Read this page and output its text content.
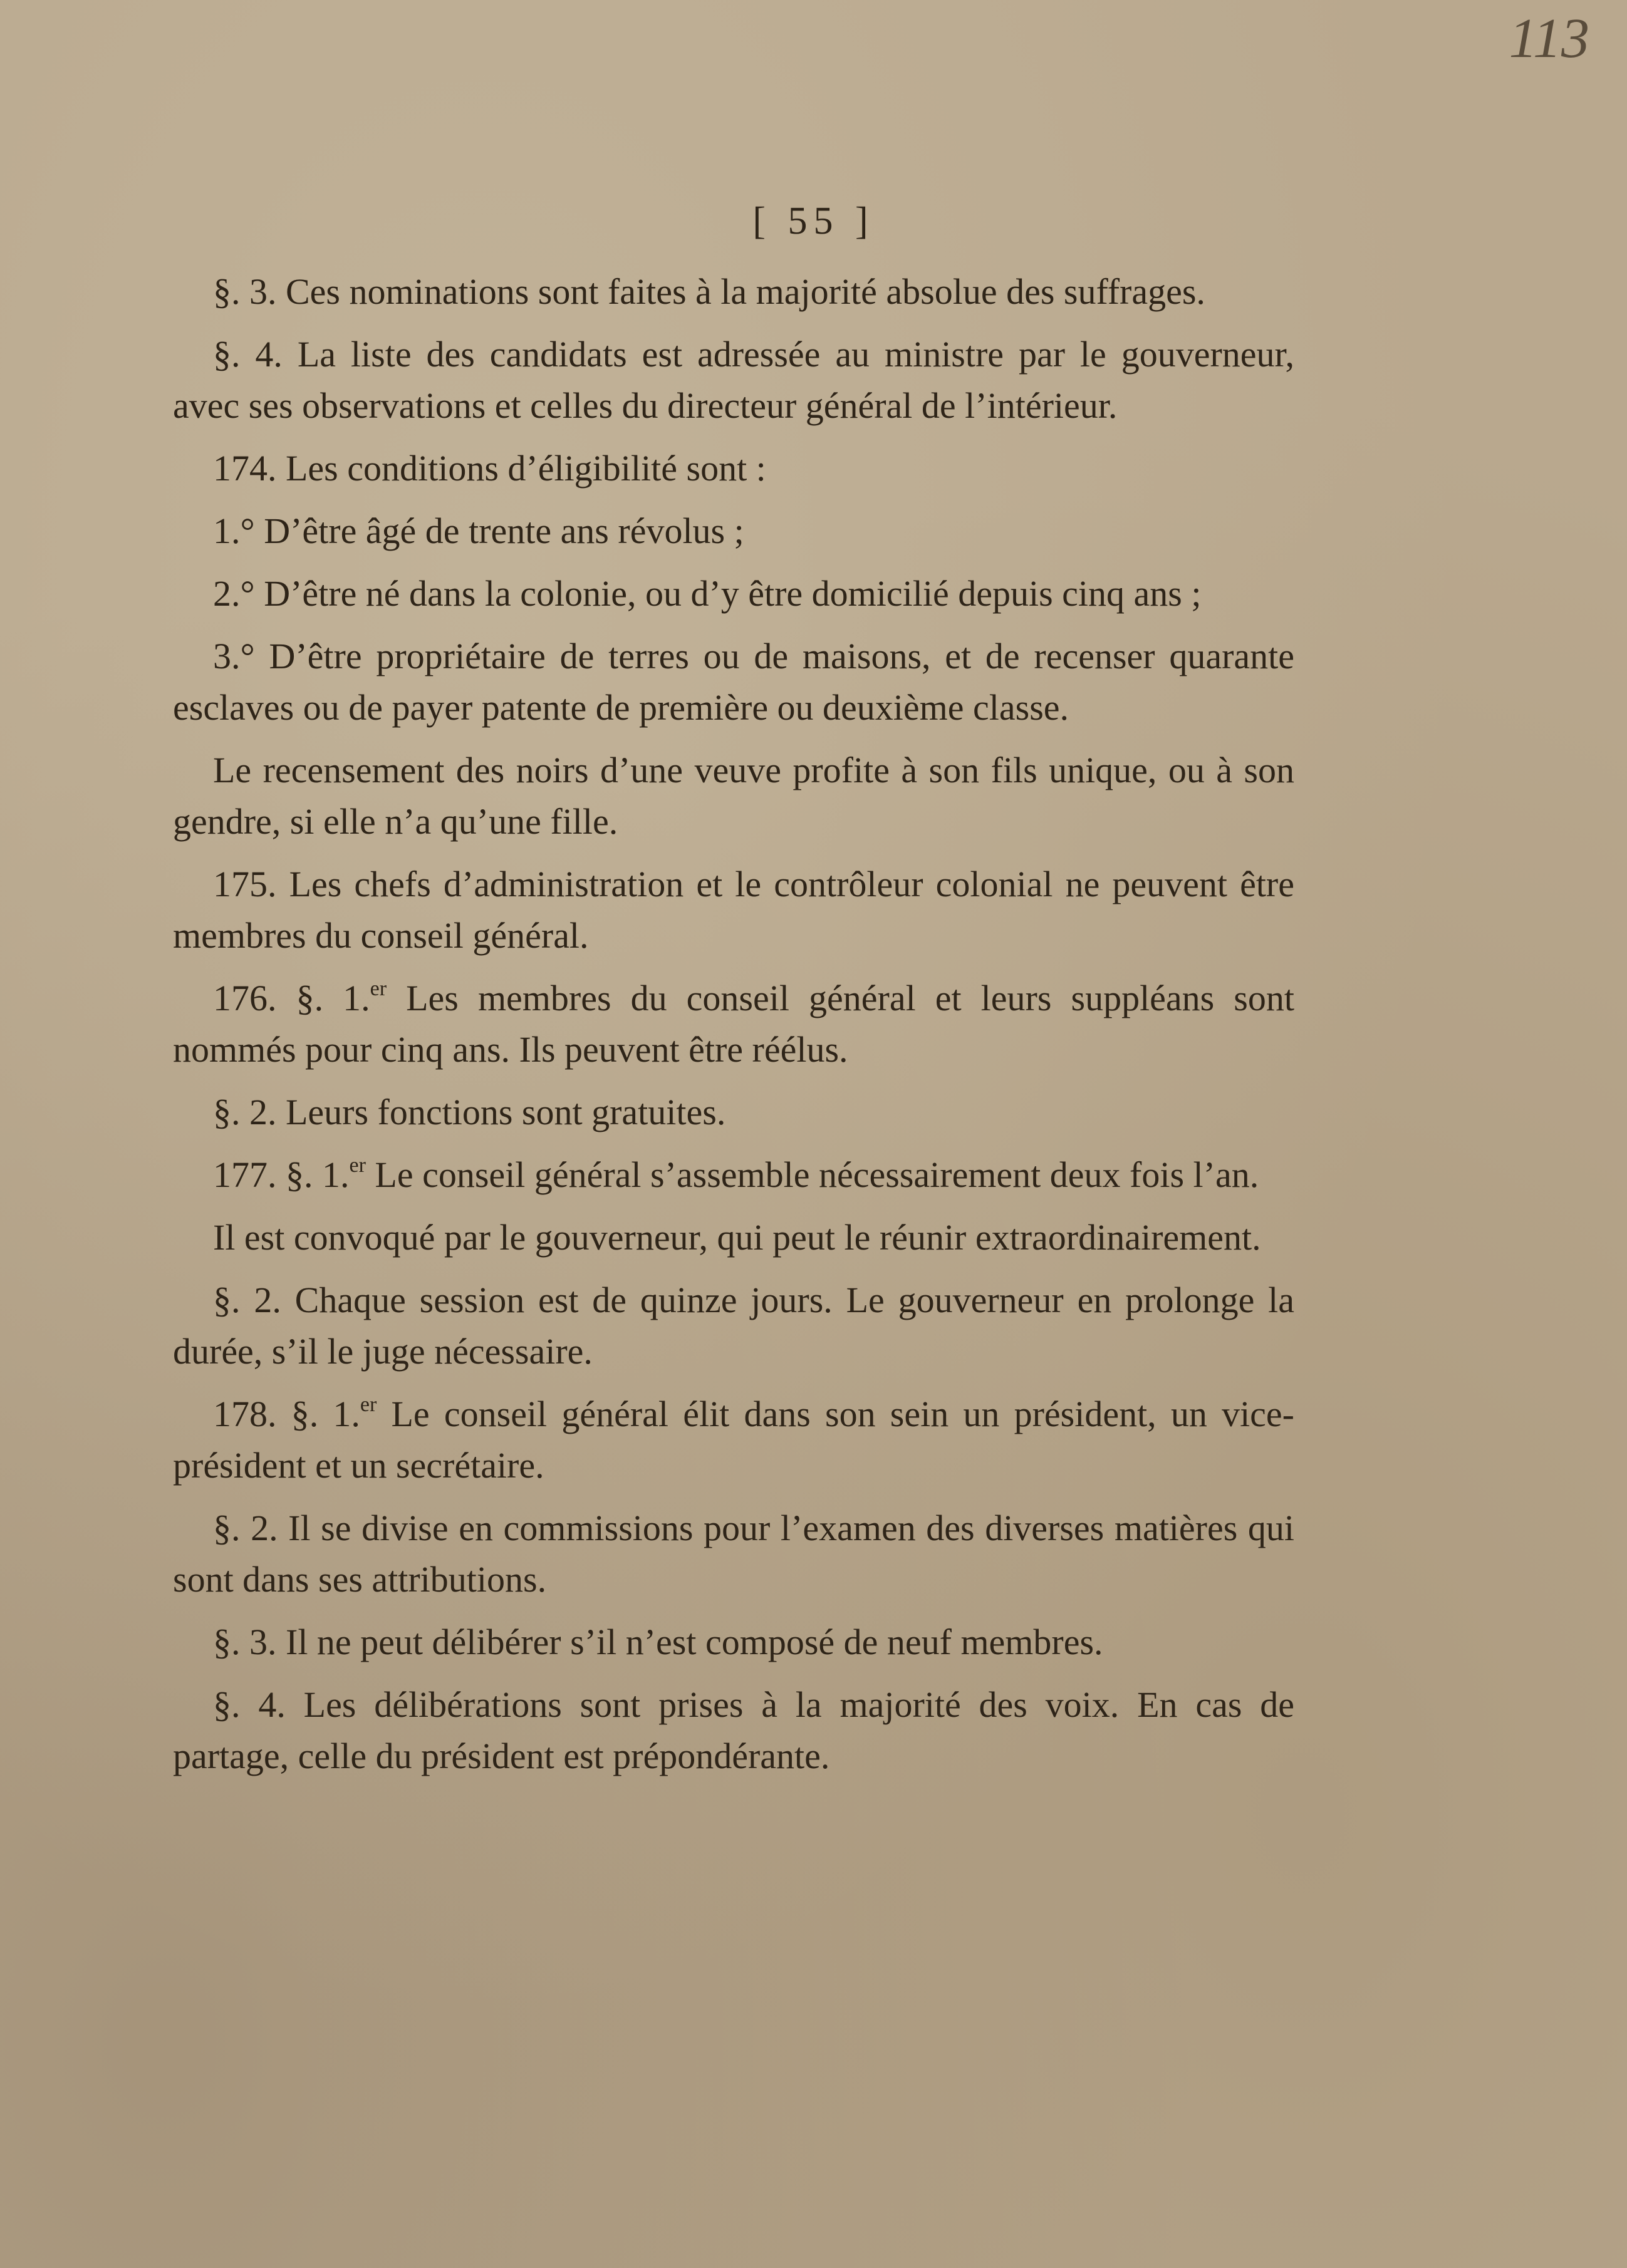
113
[ 55 ]

§. 3. Ces nominations sont faites à la majorité absolue des suffrages.

§. 4. La liste des candidats est adressée au ministre par le gouverneur, avec ses observations et celles du directeur général de l’intérieur.

174. Les conditions d’éligibilité sont :

1.° D’être âgé de trente ans révolus ;

2.° D’être né dans la colonie, ou d’y être domicilié depuis cinq ans ;

3.° D’être propriétaire de terres ou de maisons, et de recenser quarante esclaves ou de payer patente de première ou deuxième classe.

Le recensement des noirs d’une veuve profite à son fils unique, ou à son gendre, si elle n’a qu’une fille.

175. Les chefs d’administration et le contrôleur colonial ne peuvent être membres du conseil général.

176. §. 1.$^{er}$ Les membres du conseil général et leurs suppléans sont nommés pour cinq ans. Ils peuvent être réélus.

§. 2. Leurs fonctions sont gratuites.

177. §. 1.$^{er}$ Le conseil général s’assemble nécessairement deux fois l’an.

Il est convoqué par le gouverneur, qui peut le réunir extraordinairement.

§. 2. Chaque session est de quinze jours. Le gouverneur en prolonge la durée, s’il le juge nécessaire.

178. §. 1.$^{er}$ Le conseil général élit dans son sein un président, un vice-président et un secrétaire.

§. 2. Il se divise en commissions pour l’examen des diverses matières qui sont dans ses attributions.

§. 3. Il ne peut délibérer s’il n’est composé de neuf membres.

§. 4. Les délibérations sont prises à la majorité des voix. En cas de partage, celle du président est prépondérante.
